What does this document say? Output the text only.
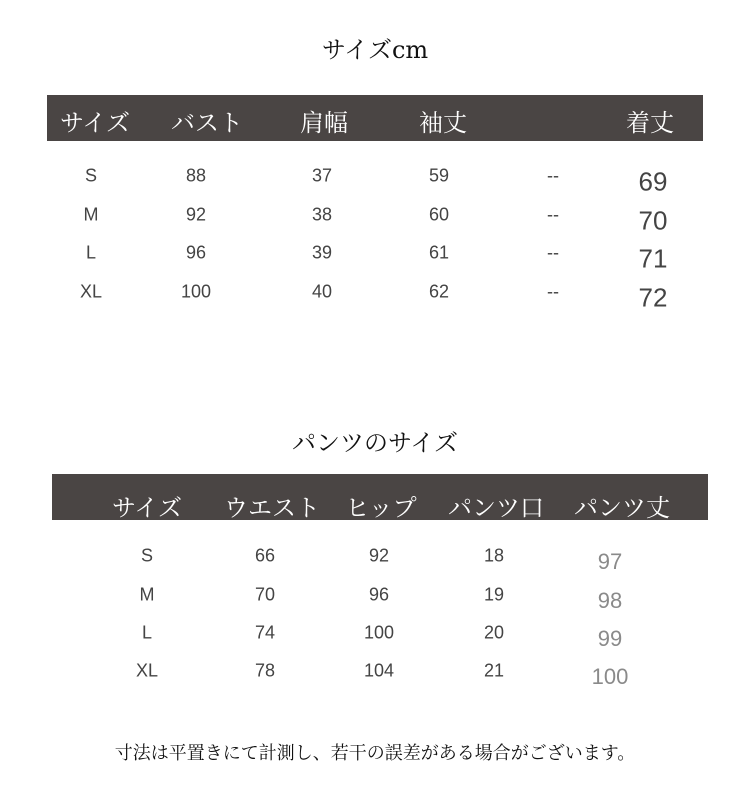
サイズcm
サイズ バスト 肩幅	袖丈	着丈
S	88	37	59	--	69
M	92	38	60	--	70
L	96	39	61	--	71
XL	100	40	62	--	72
パンツのサイズ
サイズ ウエスト ヒップ パンツ口 パンツ丈
S	66	92	18	97
M	70	96	19	98
L	74	100	20	99
XL	78	104	21	100
寸法は平置きにて計測し、若干の誤差がある場合がございます。
